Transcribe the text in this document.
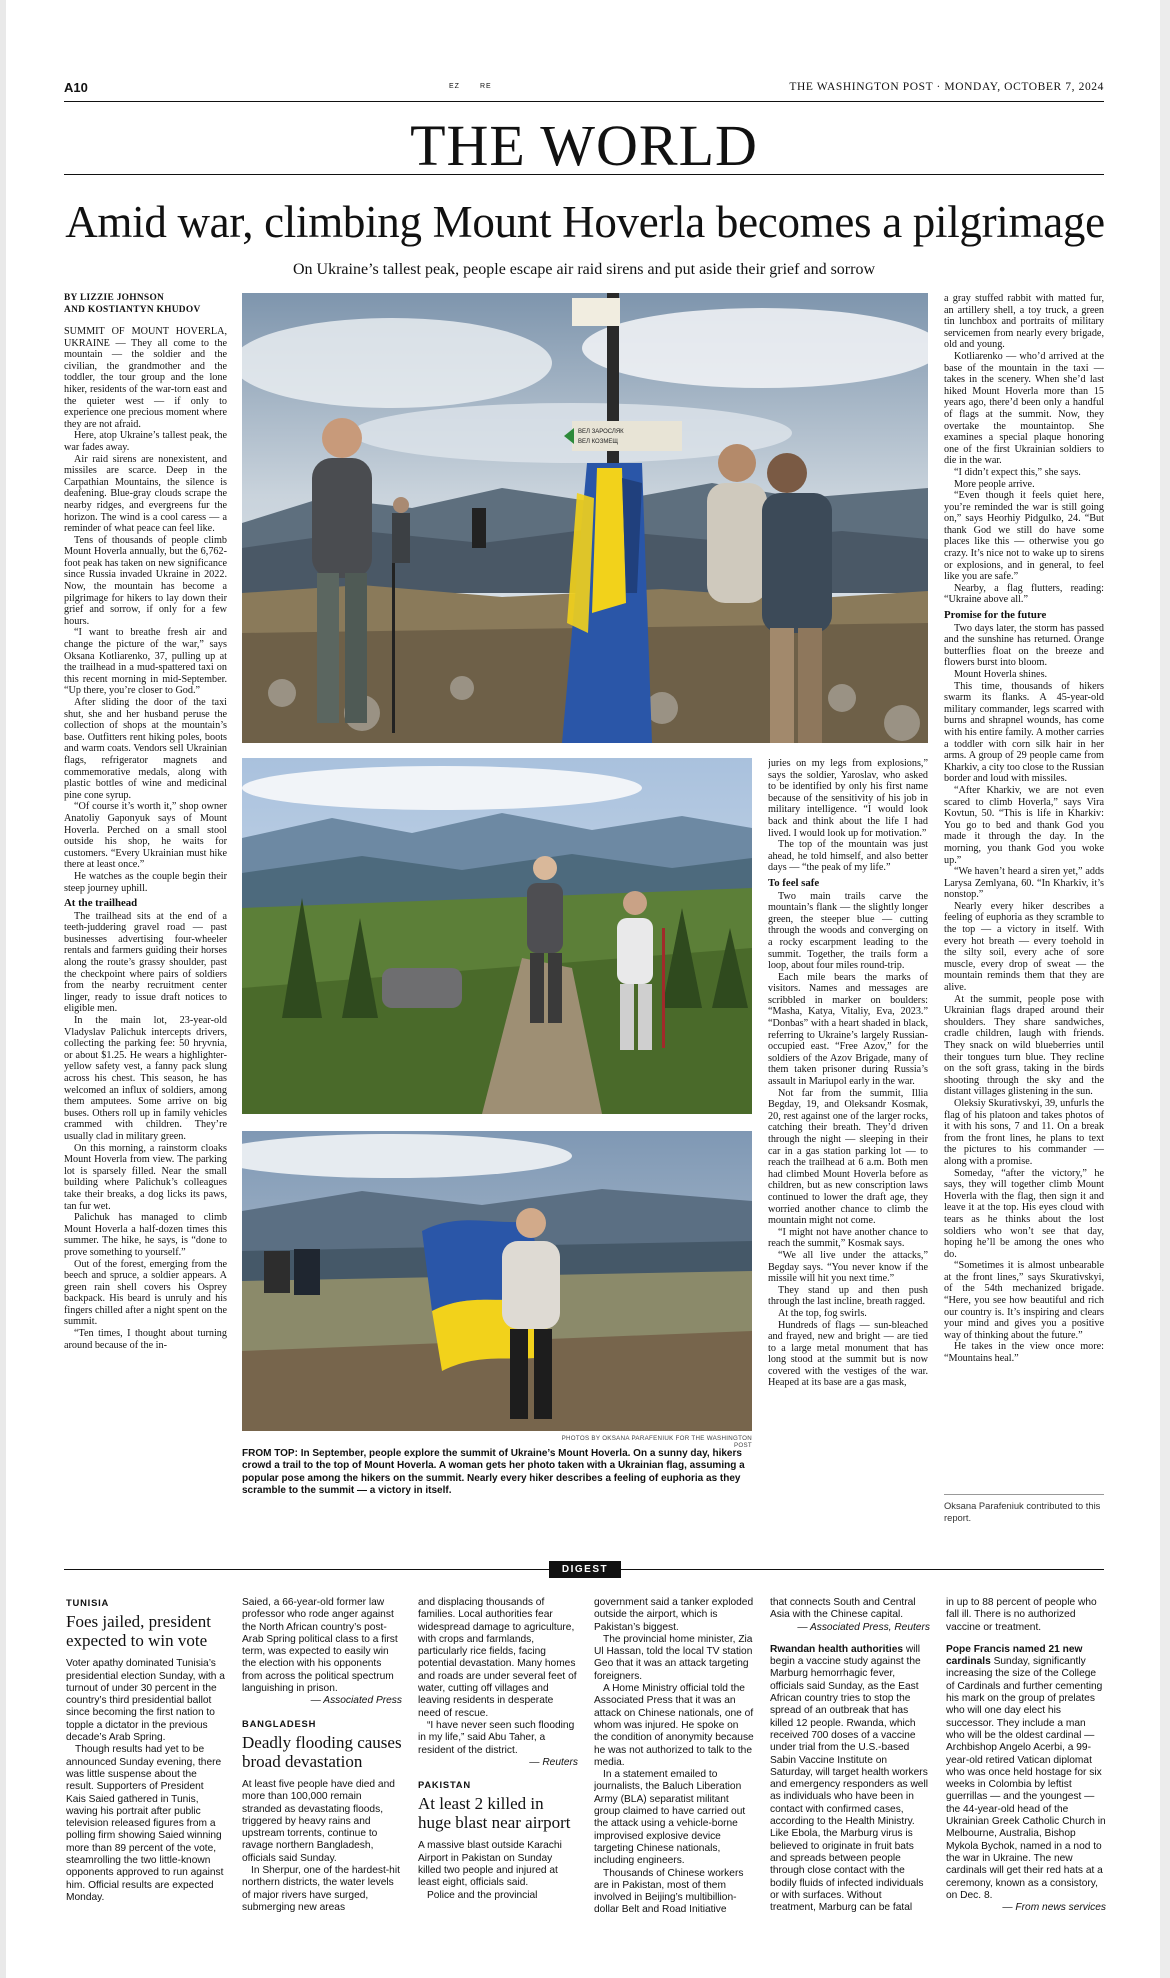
A10	EZ	RE	THE WASHINGTON POST · MONDAY, OCTOBER 7, 2024
THE WORLD
Amid war, climbing Mount Hoverla becomes a pilgrimage
On Ukraine’s tallest peak, people escape air raid sirens and put aside their grief and sorrow
BY LIZZIE JOHNSON
AND KOSTIANTYN KHUDOV

SUMMIT OF MOUNT HOVERLA, UKRAINE — They all come to the mountain — the soldier and the civilian, the grandmother and the toddler, the tour group and the lone hiker, residents of the war-torn east and the quieter west — if only to experience one precious moment where they are not afraid.

Here, atop Ukraine’s tallest peak, the war fades away.

Air raid sirens are nonexistent, and missiles are scarce. Deep in the Carpathian Mountains, the silence is deafening. Blue-gray clouds scrape the nearby ridges, and evergreens fur the horizon. The wind is a cool caress — a reminder of what peace can feel like.

Tens of thousands of people climb Mount Hoverla annually, but the 6,762-foot peak has taken on new significance since Russia invaded Ukraine in 2022. Now, the mountain has become a pilgrimage for hikers to lay down their grief and sorrow, if only for a few hours.

“I want to breathe fresh air and change the picture of the war,” says Oksana Kotliarenko, 37, pulling up at the trailhead in a mud-spattered taxi on this recent morning in mid-September. “Up there, you’re closer to God.”

After sliding the door of the taxi shut, she and her husband peruse the collection of shops at the mountain’s base. Outfitters rent hiking poles, boots and warm coats. Vendors sell Ukrainian flags, refrigerator magnets and commemorative medals, along with plastic bottles of wine and medicinal pine cone syrup.

“Of course it’s worth it,” shop owner Anatoliy Gaponyuk says of Mount Hoverla. Perched on a small stool outside his shop, he waits for customers. “Every Ukrainian must hike there at least once.”

He watches as the couple begin their steep journey uphill.

At the trailhead

The trailhead sits at the end of a teeth-juddering gravel road — past businesses advertising four-wheeler rentals and farmers guiding their horses along the route’s grassy shoulder, past the checkpoint where pairs of soldiers from the nearby recruitment center linger, ready to issue draft notices to eligible men.

In the main lot, 23-year-old Vladyslav Palichuk intercepts drivers, collecting the parking fee: 50 hryvnia, or about $1.25. He wears a highlighter-yellow safety vest, a fanny pack slung across his chest. This season, he has welcomed an influx of soldiers, among them amputees. Some arrive on big buses. Others roll up in family vehicles crammed with children. They’re usually clad in military green.

On this morning, a rainstorm cloaks Mount Hoverla from view. The parking lot is sparsely filled. Near the small building where Palichuk’s colleagues take their breaks, a dog licks its paws, tan fur wet.

Palichuk has managed to climb Mount Hoverla a half-dozen times this summer. The hike, he says, is “done to prove something to yourself.”

Out of the forest, emerging from the beech and spruce, a soldier appears. A green rain shell covers his Osprey backpack. His beard is unruly and his fingers chilled after a night spent on the summit.

“Ten times, I thought about turning around because of the in-

ВЕЛ ЗАРОСЛЯК
ВЕЛ КОЗМЕЩ
PHOTOS BY OKSANA PARAFENIUK FOR THE WASHINGTON POST
FROM TOP: In September, people explore the summit of Ukraine’s Mount Hoverla. On a sunny day, hikers crowd a trail to the top of Mount Hoverla. A woman gets her photo taken with a Ukrainian flag, assuming a popular pose among the hikers on the summit. Nearly every hiker describes a feeling of euphoria as they scramble to the summit — a victory in itself.

juries on my legs from explosions,” says the soldier, Yaroslav, who asked to be identified by only his first name because of the sensitivity of his job in military intelligence. “I would look back and think about the life I had lived. I would look up for motivation.”

The top of the mountain was just ahead, he told himself, and also better days — “the peak of my life.”

To feel safe

Two main trails carve the mountain’s flank — the slightly longer green, the steeper blue — cutting through the woods and converging on a rocky escarpment leading to the summit. Together, the trails form a loop, about four miles round-trip.

Each mile bears the marks of visitors. Names and messages are scribbled in marker on boulders: “Masha, Katya, Vitaliy, Eva, 2023.” “Donbas” with a heart shaded in black, referring to Ukraine’s largely Russian-occupied east. “Free Azov,” for the soldiers of the Azov Brigade, many of them taken prisoner during Russia’s assault in Mariupol early in the war.

Not far from the summit, Illia Begday, 19, and Oleksandr Kosmak, 20, rest against one of the larger rocks, catching their breath. They’d driven through the night — sleeping in their car in a gas station parking lot — to reach the trailhead at 6 a.m. Both men had climbed Mount Hoverla before as children, but as new conscription laws continued to lower the draft age, they worried another chance to climb the mountain might not come.

“I might not have another chance to reach the summit,” Kosmak says.

“We all live under the attacks,” Begday says. “You never know if the missile will hit you next time.”

They stand up and then push through the last incline, breath ragged.

At the top, fog swirls.

Hundreds of flags — sun-bleached and frayed, new and bright — are tied to a large metal monument that has long stood at the summit but is now covered with the vestiges of the war. Heaped at its base are a gas mask,

a gray stuffed rabbit with matted fur, an artillery shell, a toy truck, a green tin lunchbox and portraits of military servicemen from nearly every brigade, old and young.

Kotliarenko — who’d arrived at the base of the mountain in the taxi — takes in the scenery. When she’d last hiked Mount Hoverla more than 15 years ago, there’d been only a handful of flags at the summit. Now, they overtake the mountaintop. She examines a special plaque honoring one of the first Ukrainian soldiers to die in the war.

“I didn’t expect this,” she says.

More people arrive.

“Even though it feels quiet here, you’re reminded the war is still going on,” says Heorhiy Pidgulko, 24. “But thank God we still do have some places like this — otherwise you go crazy. It’s nice not to wake up to sirens or explosions, and in general, to feel like you are safe.”

Nearby, a flag flutters, reading: “Ukraine above all.”

Promise for the future

Two days later, the storm has passed and the sunshine has returned. Orange butterflies float on the breeze and flowers burst into bloom.

Mount Hoverla shines.

This time, thousands of hikers swarm its flanks. A 45-year-old military commander, legs scarred with burns and shrapnel wounds, has come with his entire family. A mother carries a toddler with corn silk hair in her arms. A group of 29 people came from Kharkiv, a city too close to the Russian border and loud with missiles.

“After Kharkiv, we are not even scared to climb Hoverla,” says Vira Kovtun, 50. “This is life in Kharkiv: You go to bed and thank God you made it through the day. In the morning, you thank God you woke up.”

“We haven’t heard a siren yet,” adds Larysa Zemlyana, 60. “In Kharkiv, it’s nonstop.”

Nearly every hiker describes a feeling of euphoria as they scramble to the top — a victory in itself. With every hot breath — every toehold in the silty soil, every ache of sore muscle, every drop of sweat — the mountain reminds them that they are alive.

At the summit, people pose with Ukrainian flags draped around their shoulders. They share sandwiches, cradle children, laugh with friends. They snack on wild blueberries until their tongues turn blue. They recline on the soft grass, taking in the birds shooting through the sky and the distant villages glistening in the sun.

Oleksiy Skurativskyi, 39, unfurls the flag of his platoon and takes photos of it with his sons, 7 and 11. On a break from the front lines, he plans to text the pictures to his commander — along with a promise.

Someday, “after the victory,” he says, they will together climb Mount Hoverla with the flag, then sign it and leave it at the top. His eyes cloud with tears as he thinks about the lost soldiers who won’t see that day, hoping he’ll be among the ones who do.

“Sometimes it is almost unbearable at the front lines,” says Skurativskyi, of the 54th mechanized brigade. “Here, you see how beautiful and rich our country is. It’s inspiring and clears your mind and gives you a positive way of thinking about the future.”

He takes in the view once more: “Mountains heal.”

Oksana Parafeniuk contributed to this report.
DIGEST
TUNISIA
Foes jailed, president expected to win vote

Voter apathy dominated Tunisia’s presidential election Sunday, with a turnout of under 30 percent in the country’s third presidential ballot since becoming the first nation to topple a dictator in the previous decade’s Arab Spring.

Though results had yet to be announced Sunday evening, there was little suspense about the result. Supporters of President Kais Saied gathered in Tunis, waving his portrait after public television released figures from a polling firm showing Saied winning more than 89 percent of the vote, steamrolling the two little-known opponents approved to run against him. Official results are expected Monday.

Saied, a 66-year-old former law professor who rode anger against the North African country’s post-Arab Spring political class to a first term, was expected to easily win the election with his opponents from across the political spectrum languishing in prison.

— Associated Press
BANGLADESH
Deadly flooding causes broad devastation

At least five people have died and more than 100,000 remain stranded as devastating floods, triggered by heavy rains and upstream torrents, continue to ravage northern Bangladesh, officials said Sunday.

In Sherpur, one of the hardest-hit northern districts, the water levels of major rivers have surged, submerging new areas

and displacing thousands of families. Local authorities fear widespread damage to agriculture, with crops and farmlands, particularly rice fields, facing potential devastation. Many homes and roads are under several feet of water, cutting off villages and leaving residents in desperate need of rescue.

“I have never seen such flooding in my life,” said Abu Taher, a resident of the district.

— Reuters
PAKISTAN
At least 2 killed in huge blast near airport

A massive blast outside Karachi Airport in Pakistan on Sunday killed two people and injured at least eight, officials said.

Police and the provincial

government said a tanker exploded outside the airport, which is Pakistan’s biggest.

The provincial home minister, Zia Ul Hassan, told the local TV station Geo that it was an attack targeting foreigners.

A Home Ministry official told the Associated Press that it was an attack on Chinese nationals, one of whom was injured. He spoke on the condition of anonymity because he was not authorized to talk to the media.

In a statement emailed to journalists, the Baluch Liberation Army (BLA) separatist militant group claimed to have carried out the attack using a vehicle-borne improvised explosive device targeting Chinese nationals, including engineers.

Thousands of Chinese workers are in Pakistan, most of them involved in Beijing’s multibillion-dollar Belt and Road Initiative

that connects South and Central Asia with the Chinese capital.

— Associated Press, Reuters

Rwandan health authorities will begin a vaccine study against the Marburg hemorrhagic fever, officials said Sunday, as the East African country tries to stop the spread of an outbreak that has killed 12 people. Rwanda, which received 700 doses of a vaccine under trial from the U.S.-based Sabin Vaccine Institute on Saturday, will target health workers and emergency responders as well as individuals who have been in contact with confirmed cases, according to the Health Ministry. Like Ebola, the Marburg virus is believed to originate in fruit bats and spreads between people through close contact with the bodily fluids of infected individuals or with surfaces. Without treatment, Marburg can be fatal

in up to 88 percent of people who fall ill. There is no authorized vaccine or treatment.

Pope Francis named 21 new cardinals Sunday, significantly increasing the size of the College of Cardinals and further cementing his mark on the group of prelates who will one day elect his successor. They include a man who will be the oldest cardinal — Archbishop Angelo Acerbi, a 99-year-old retired Vatican diplomat who was once held hostage for six weeks in Colombia by leftist guerrillas — and the youngest — the 44-year-old head of the Ukrainian Greek Catholic Church in Melbourne, Australia, Bishop Mykola Bychok, named in a nod to the war in Ukraine. The new cardinals will get their red hats at a ceremony, known as a consistory, on Dec. 8.

— From news services
